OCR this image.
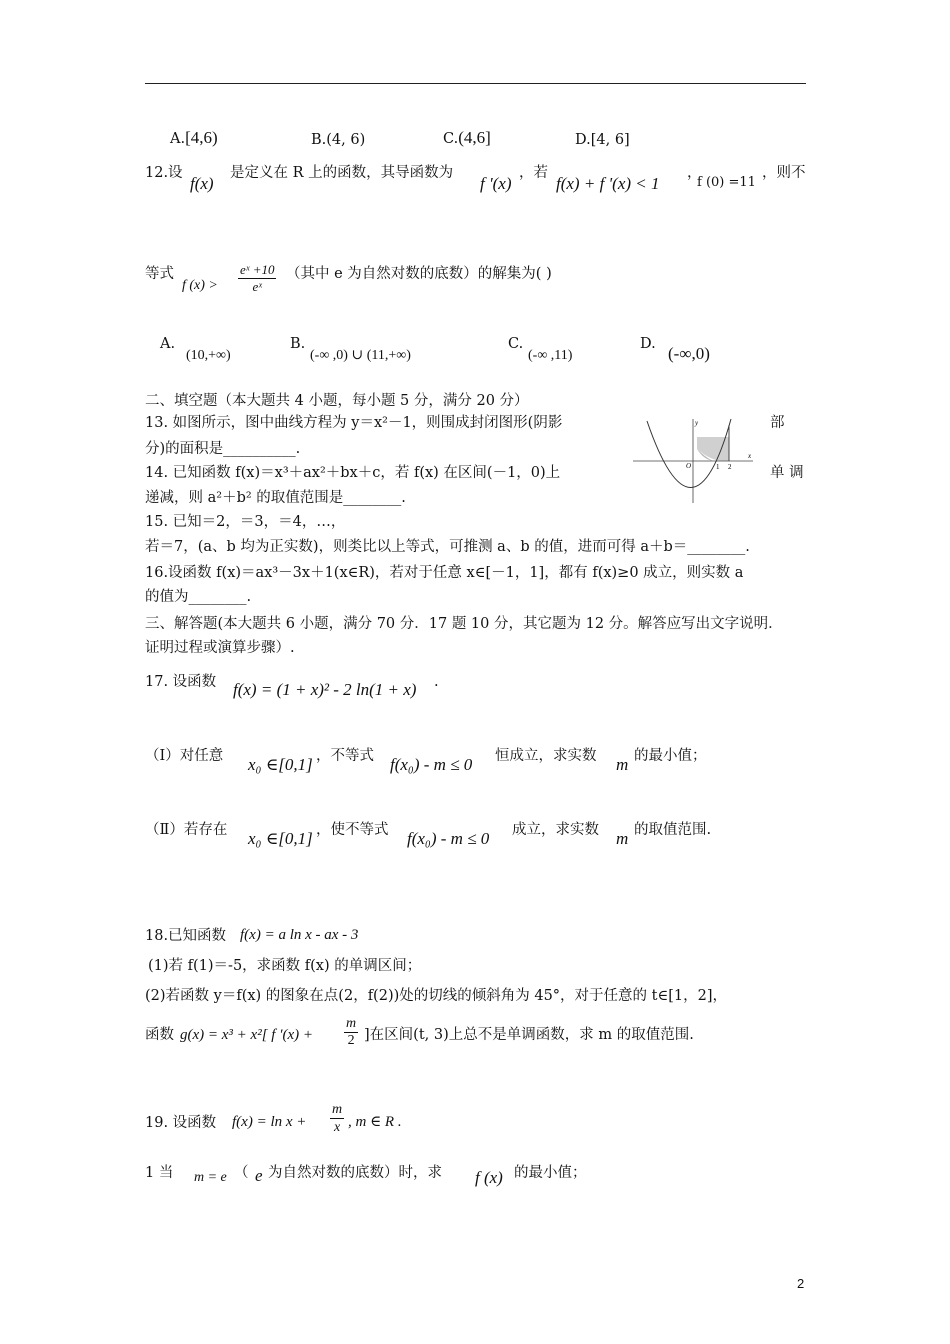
A.[4,6)	B.(4, 6)	C.(4,6]	D.[4, 6]
12.设
f(x)
是定义在 R 上的函数，其导函数为
f '(x)
，若
f(x) + f '(x) < 1
，
f (0) =11
，则不
等式
f $(x) > \frac{\text{eˣ +10}}{\text{eˣ}}$ （其中 e 为自然对数的底数）的解集为( )
A.
(10,+∞)
B.
(-∞ ,0) ∪ (11,+∞)
C.
(-∞ ,11)
D. (-∞,0)
二、填空题（本大题共 4 小题，每小题 5 分，满分 20 分）
13. 如图所示，图中曲线方程为 y＝x²－1，则围成封闭图形(阴影	部
分)的面积是__________.
14. 已知函数 f(x)＝x³＋ax²＋bx＋c，若 f(x) 在区间(－1，0)上	单 调
递减，则 a²＋b² 的取值范围是________.
15. 已知＝2，＝3，＝4，…，
若＝7，(a、b 均为正实数)，则类比以上等式，可推测 a、b 的值，进而可得 a＋b＝________.
16.设函数 f(x)＝ax³－3x＋1(x∈R)，若对于任意 x∈[－1，1]，都有 f(x)≥0 成立，则实数 a
的值为________.
y
x
O	1 2
三、解答题(本大题共 6 小题，满分 70 分．17 题 10 分，其它题为 12 分。解答应写出文字说明．
证明过程或演算步骤）.
17. 设函数 f(x) = (1 + x)² - 2 ln(1 + x) .
（Ⅰ）对任意 x₀ ∈[0,1] ，不等式 f(x₀) - m ≤ 0 恒成立，求实数 m 的最小值；
（Ⅱ）若存在 x₀ ∈[0,1] ，使不等式 f(x₀) - m ≤ 0 成立，求实数 m 的取值范围.
18.已知函数 f(x) = a ln x - ax - 3
(1)若 f(1)＝-5，求函数 f(x) 的单调区间；
(2)若函数 y＝f(x) 的图象在点(2，f(2))处的切线的倾斜角为 45°，对于任意的 t∈[1，2]，
函数 g(x) = x³ + x²[ f $'(x) + \frac{m}{2}$ ]在区间(t, 3)上总不是单调函数，求 m 的取值范围.
19. 设函数 $f(x) = \ln x + \frac{m}{x}$ , m ∈ R .
1 当 m = e （ e 为自然对数的底数）时，求 f (x) 的最小值；
2
